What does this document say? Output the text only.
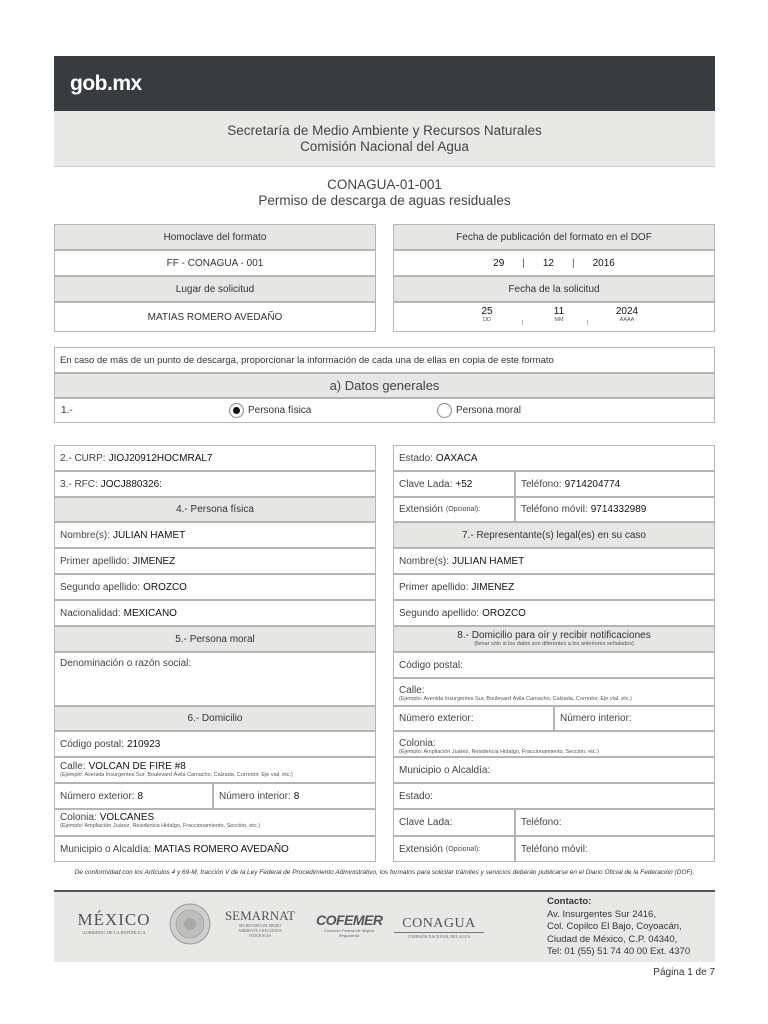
gob.mx
Secretaría de Medio Ambiente y Recursos Naturales
Comisión Nacional del Agua
CONAGUA-01-001
Permiso de descarga de aguas residuales
Homoclave del formato
FF - CONAGUA - 001
Lugar de solicitud
MATIAS ROMERO AVEDAÑO
Fecha de publicación del formato en el DOF
29 | 12 | 2016
Fecha de la solicitud
25
DD	|
11
MM	|
2024
AAAA
En caso de más de un punto de descarga, proporcionar la información de cada una de ellas en copia de este formato
a) Datos generales
1.-	Persona física	Persona moral
2.- CURP: JIOJ20912HOCMRAL7
3.- RFC: JOCJ880326:
4.- Persona física
Nombre(s): JULIAN HAMET
Primer apellido: JIMENEZ
Segundo apellido: OROZCO
Nacionalidad: MEXICANO
5.- Persona moral
Denominación o razón social:
6.- Domicilio
Código postal: 210923
Calle: VOLCAN DE FIRE #8
(Ejemplo: Avenida Insurgentes Sur, Boulevard Ávila Camacho, Calzada, Corredor, Eje vial, etc.)
Número exterior: 8	Número interior: 8
Colonia: VOLCANES
(Ejemplo: Ampliación Juárez, Residencia Hidalgo, Fraccionamiento, Sección, etc.)
Municipio o Alcaldía: MATIAS ROMERO AVEDAÑO
Estado: OAXACA
Clave Lada: +52	Teléfono: 9714204774
Extensión (Opcional):	Teléfono móvil: 9714332989
7.- Representante(s) legal(es) en su caso
Nombre(s): JULIAN HAMET
Primer apellido: JIMENEZ
Segundo apellido: OROZCO
8.- Domicilio para oír y recibir notificaciones
(llenar sólo si los datos son diferentes a los anteriores señalados)
Código postal:
Calle:
(Ejemplo: Avenida Insurgentes Sur, Boulevard Ávila Camacho, Calzada, Corredor, Eje vial, etc.)
Número exterior:	Número interior:
Colonia:
(Ejemplo: Ampliación Juárez, Residencia Hidalgo, Fraccionamiento, Sección, etc.)
Municipio o Alcaldía:
Estado:
Clave Lada:	Teléfono:
Extensión (Opcional):	Teléfono móvil:
De conformidad con los Artículos 4 y 69-M, fracción V de la Ley Federal de Procedimiento Administrativo, los formatos para solicitar trámites y servicios deberán publicarse en el Diario Oficial de la Federación (DOF).
MÉXICO
GOBIERNO DE LA REPÚBLICA
SEMARNAT
SECRETARÍA DE MEDIO AMBIENTE Y RECURSOS NATURALES
COFEMER
Comisión Federal de Mejora Regulatoria
CONAGUA
COMISIÓN NACIONAL DEL AGUA
Contacto:
Av. Insurgentes Sur 2416,
Col. Copilco El Bajo, Coyoacán,
Ciudad de México, C.P. 04340,
Tel: 01 (55) 51 74 40 00 Ext. 4370
Página 1 de 7
